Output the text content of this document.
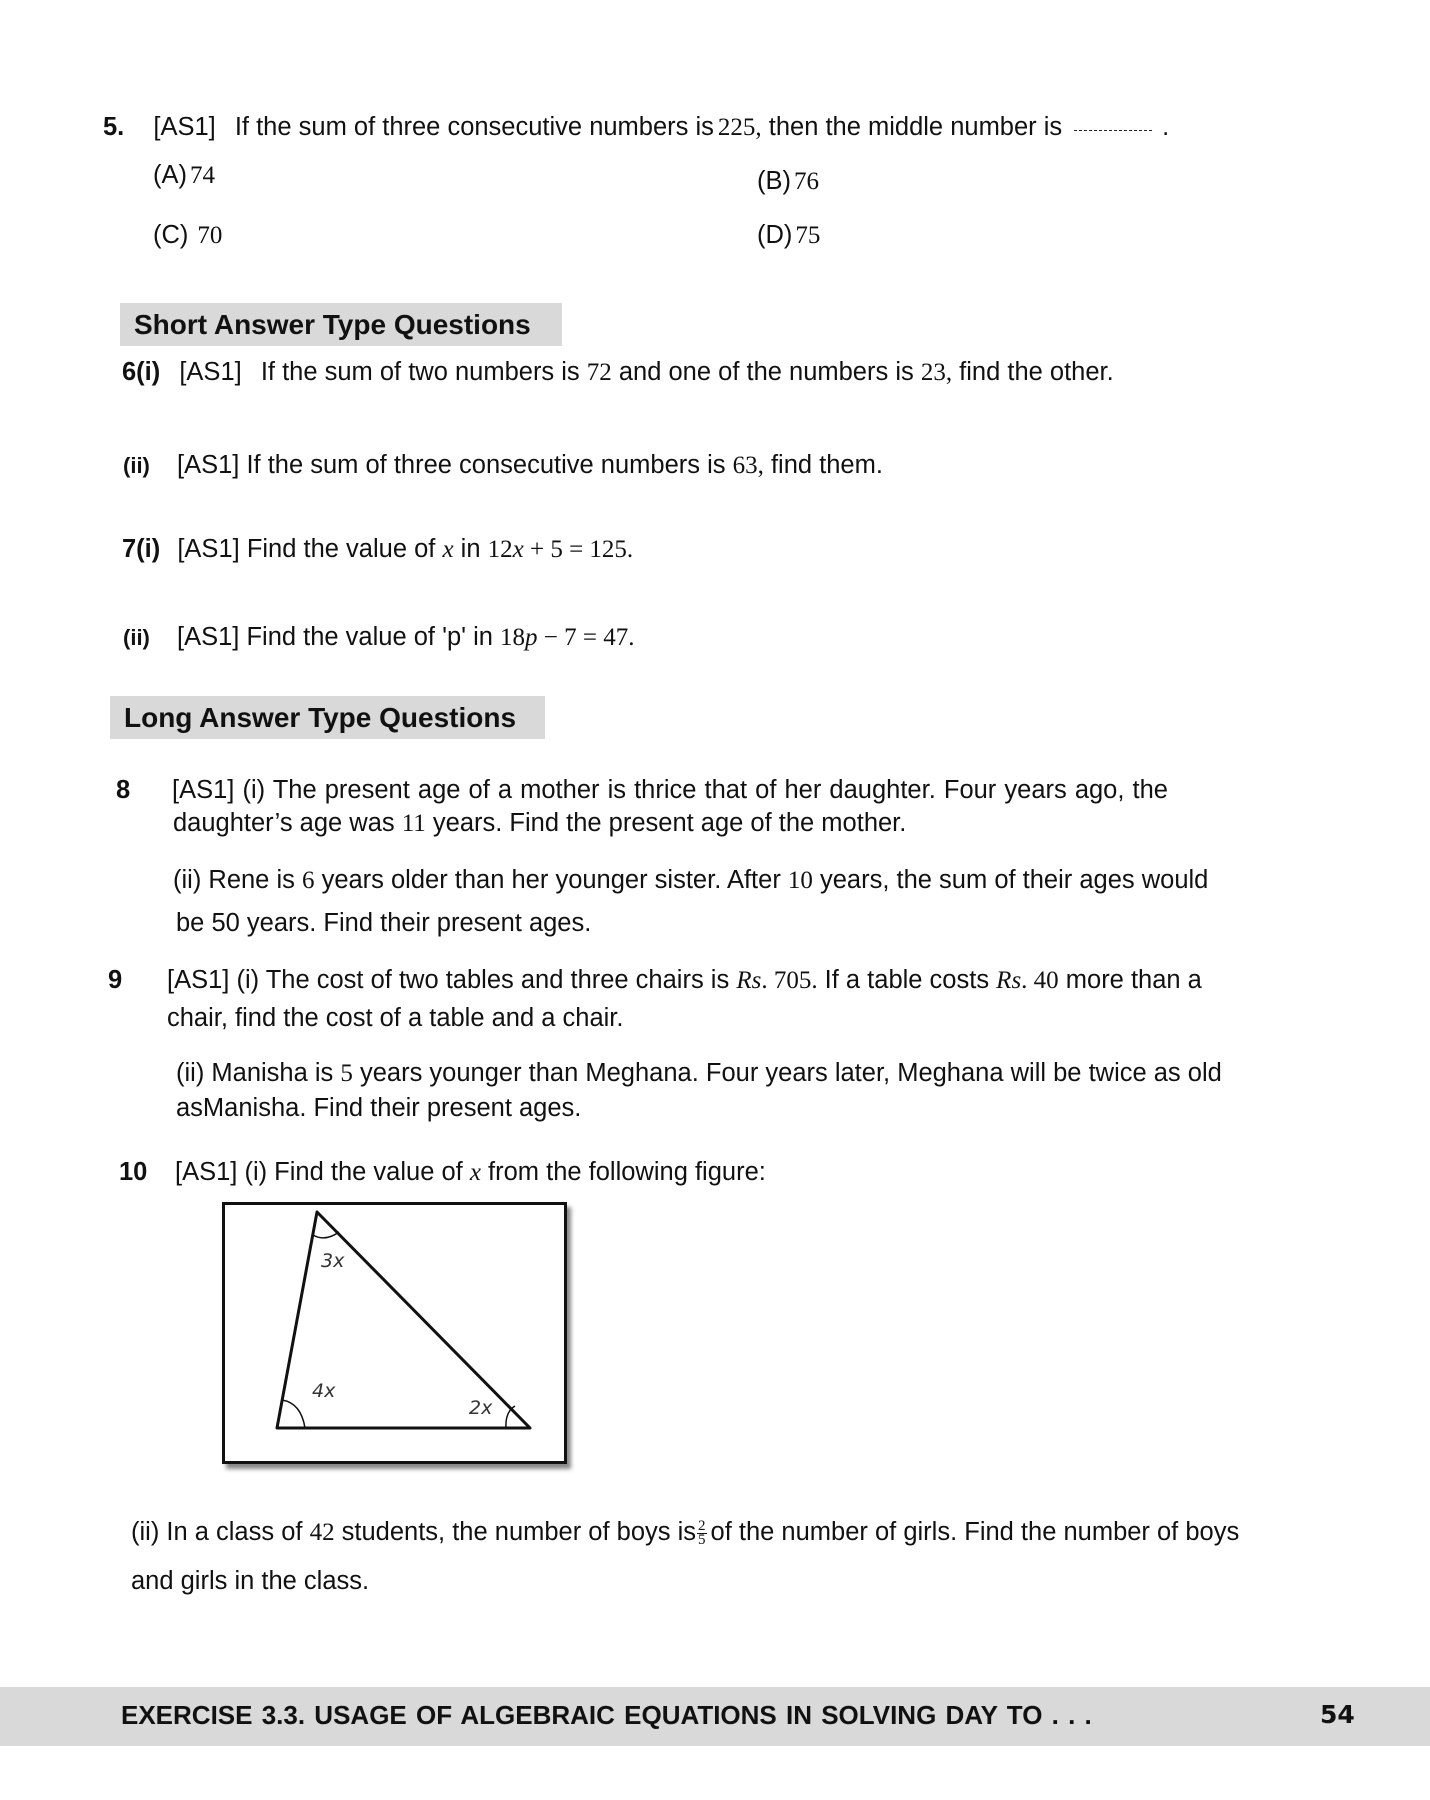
5. [AS1] If the sum of three consecutive numbers is 225, then the middle number is	.
(A) 74	(B) 76
(C) 70	(D) 75
Short Answer Type Questions
6(i) [AS1] If the sum of two numbers is 72 and one of the numbers is 23, find the other.
(ii) [AS1] If the sum of three consecutive numbers is 63, find them.
7(i) [AS1] Find the value of x in 12x + 5 = 125.
(ii) [AS1] Find the value of 'p' in 18p − 7 = 47.
Long Answer Type Questions
8 [AS1] (i) The present age of a mother is thrice that of her daughter. Four years ago, the
daughter’s age was 11 years. Find the present age of the mother.
(ii) Rene is 6 years older than her younger sister. After 10 years, the sum of their ages would
be 50 years. Find their present ages.
9 [AS1] (i) The cost of two tables and three chairs is Rs. 705. If a table costs Rs. 40 more than a
chair, find the cost of a table and a chair.
(ii) Manisha is 5 years younger than Meghana. Four years later, Meghana will be twice as old
asManisha. Find their present ages.
10 [AS1] (i) Find the value of x from the following figure:
3x
4x
2x
(ii) In a class of 42 students, the number of boys is $\frac{2}{5}$ of the number of girls. Find the number of boys
and girls in the class.
EXERCISE 3.3. USAGE OF ALGEBRAIC EQUATIONS IN SOLVING DAY TO . . .	54
